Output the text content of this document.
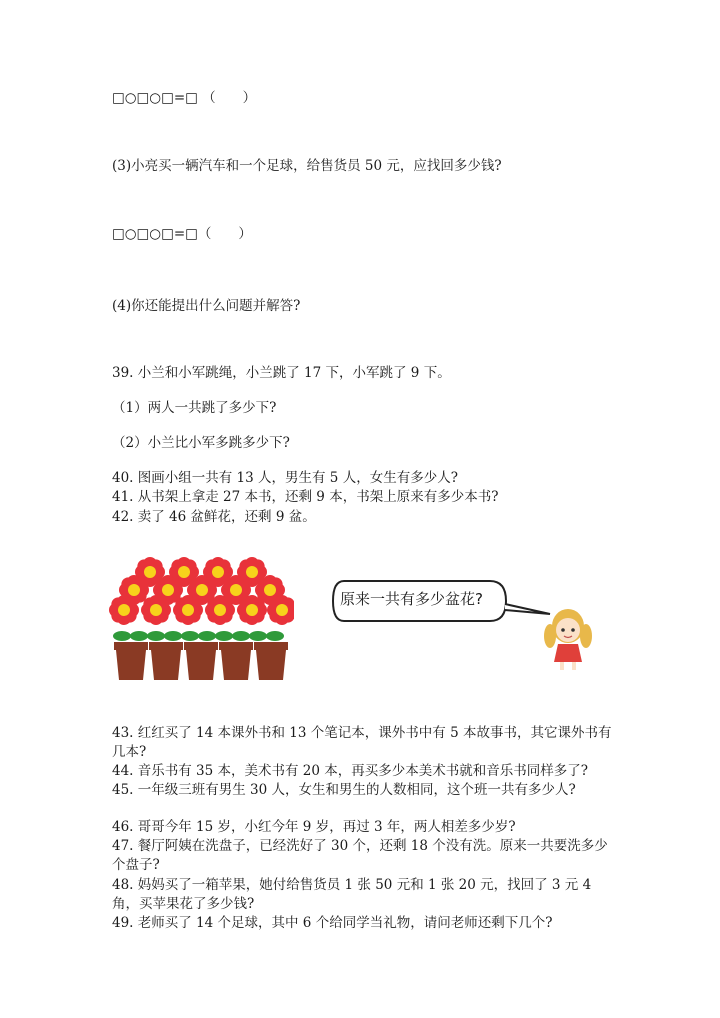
□○□○□=□ （　　）
(3)小亮买一辆汽车和一个足球，给售货员 50 元，应找回多少钱?
□○□○□=□（　　）
(4)你还能提出什么问题并解答?
39. 小兰和小军跳绳，小兰跳了 17 下，小军跳了 9 下。
（1）两人一共跳了多少下?
（2）小兰比小军多跳多少下?
40. 图画小组一共有 13 人，男生有 5 人，女生有多少人?
41. 从书架上拿走 27 本书，还剩 9 本，书架上原来有多少本书?
42. 卖了 46 盆鲜花，还剩 9 盆。
原来一共有多少盆花?
43. 红红买了 14 本课外书和 13 个笔记本，课外书中有 5 本故事书，其它课外书有几本?
44. 音乐书有 35 本，美术书有 20 本，再买多少本美术书就和音乐书同样多了?
45. 一年级三班有男生 30 人，女生和男生的人数相同，这个班一共有多少人?
46. 哥哥今年 15 岁，小红今年 9 岁，再过 3 年，两人相差多少岁?
47. 餐厅阿姨在洗盘子，已经洗好了 30 个，还剩 18 个没有洗。原来一共要洗多少个盘子?
48. 妈妈买了一箱苹果，她付给售货员 1 张 50 元和 1 张 20 元，找回了 3 元 4 角，买苹果花了多少钱?
49. 老师买了 14 个足球，其中 6 个给同学当礼物，请问老师还剩下几个?
